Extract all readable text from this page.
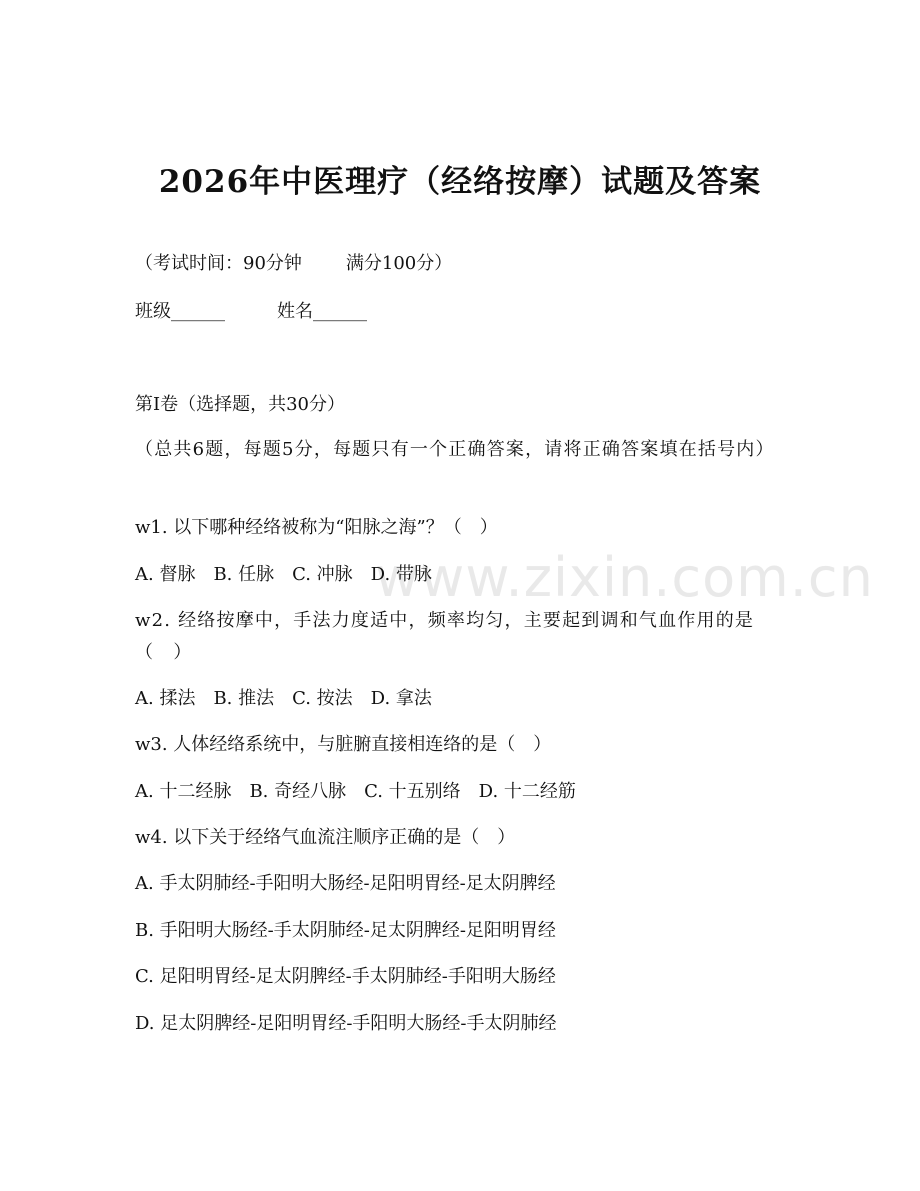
www.zixin.com.cn
2026年中医理疗（经络按摩）试题及答案

（考试时间：90分钟 满分100分）

班级______	姓名______

第Ⅰ卷（选择题，共30分）

（总共6题，每题5分，每题只有一个正确答案，请将正确答案填在括号内）

w1. 以下哪种经络被称为“阳脉之海”？（　）

A. 督脉　B. 任脉　C. 冲脉　D. 带脉

w2. 经络按摩中，手法力度适中，频率均匀，主要起到调和气血作用的是（　）

A. 揉法　B. 推法　C. 按法　D. 拿法

w3. 人体经络系统中，与脏腑直接相连络的是（　）

A. 十二经脉　B. 奇经八脉　C. 十五别络　D. 十二经筋

w4. 以下关于经络气血流注顺序正确的是（　）

A. 手太阴肺经-手阳明大肠经-足阳明胃经-足太阴脾经

B. 手阳明大肠经-手太阴肺经-足太阴脾经-足阳明胃经

C. 足阳明胃经-足太阴脾经-手太阴肺经-手阳明大肠经

D. 足太阴脾经-足阳明胃经-手阳明大肠经-手太阴肺经
